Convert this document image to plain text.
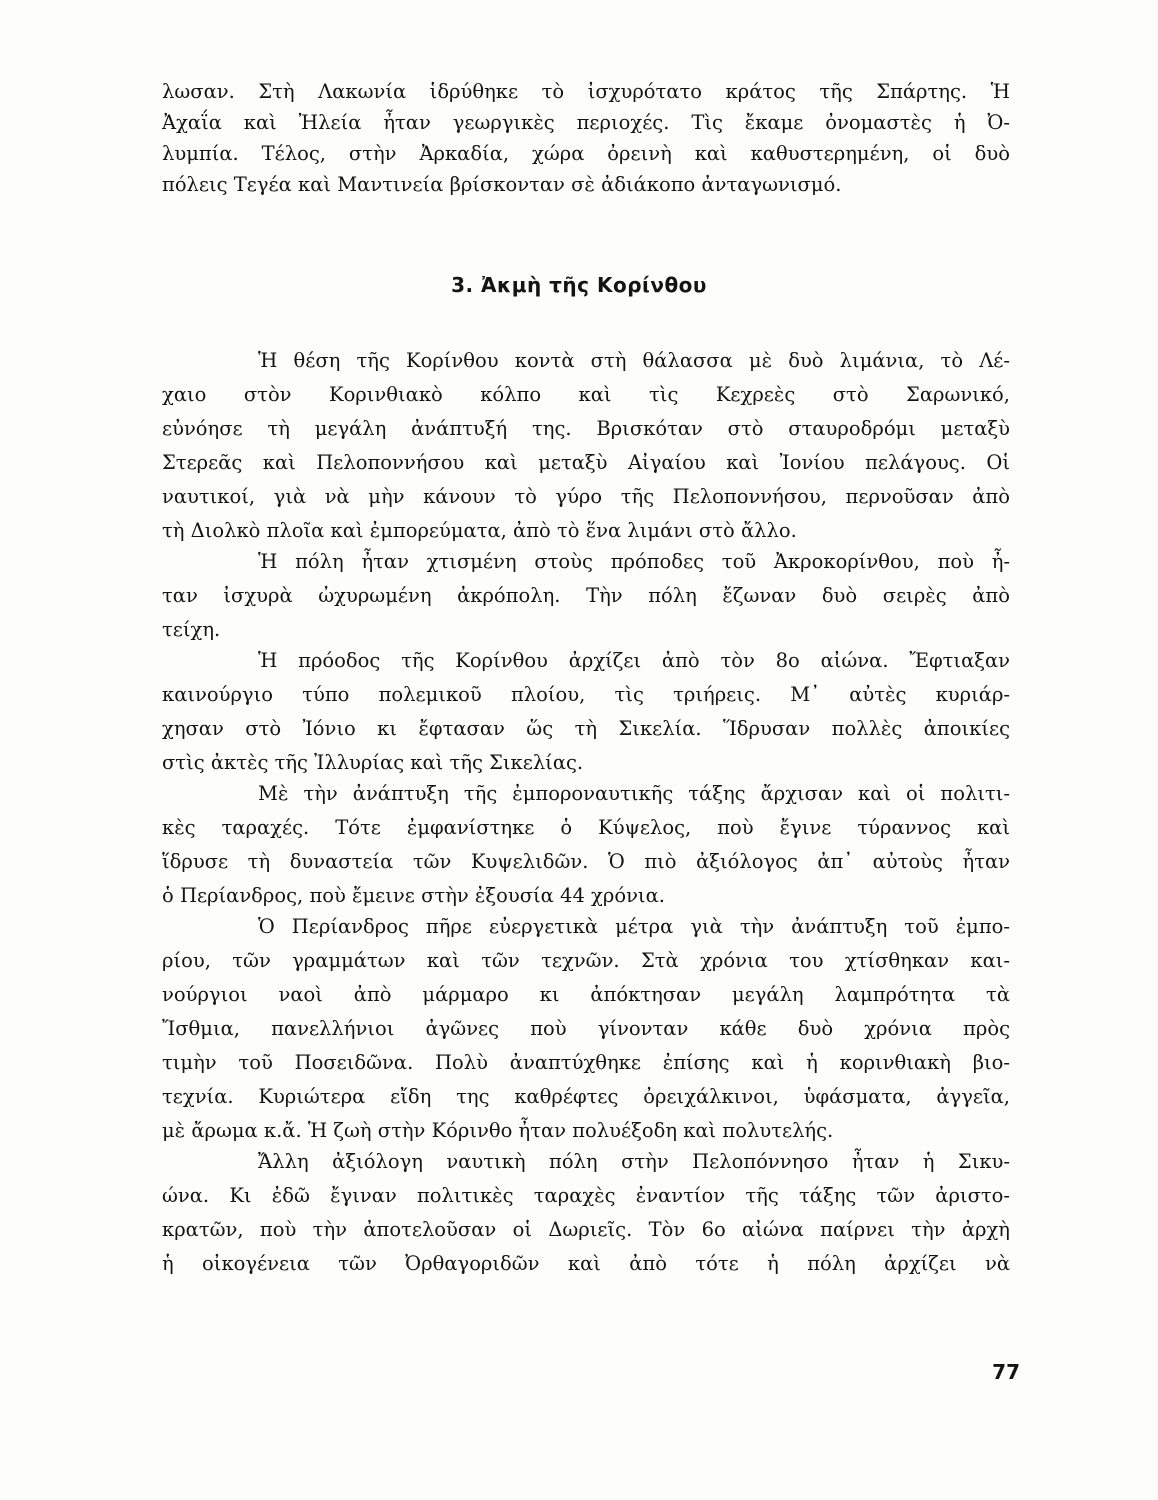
λωσαν. Στὴ Λακωνία ἱδρύθηκε τὸ ἰσχυρότατο κράτος τῆς Σπάρτης. Ἡ

Ἀχαΐα καὶ Ἠλεία ἦταν γεωργικὲς περιοχές. Τὶς ἔκαμε ὀνομαστὲς ἡ Ὀ-

λυμπία. Τέλος, στὴν Ἀρκαδία, χώρα ὀρεινὴ καὶ καθυστερημένη, οἱ δυὸ

πόλεις Τεγέα καὶ Μαντινεία βρίσκονταν σὲ ἀδιάκοπο ἀνταγωνισμό.

3. Ἀκμὴ τῆς Κορίνθου

Ἡ θέση τῆς Κορίνθου κοντὰ στὴ θάλασσα μὲ δυὸ λιμάνια, τὸ Λέ-

χαιο στὸν Κορινθιακὸ κόλπο καὶ τὶς Κεχρεὲς στὸ Σαρωνικό,

εὐνόησε τὴ μεγάλη ἀνάπτυξή της. Βρισκόταν στὸ σταυροδρόμι μεταξὺ

Στερεᾶς καὶ Πελοποννήσου καὶ μεταξὺ Αἰγαίου καὶ Ἰονίου πελάγους. Οἱ

ναυτικοί, γιὰ νὰ μὴν κάνουν τὸ γύρο τῆς Πελοποννήσου, περνοῦσαν ἀπὸ

τὴ Διολκὸ πλοῖα καὶ ἐμπορεύματα, ἀπὸ τὸ ἕνα λιμάνι στὸ ἄλλο.

Ἡ πόλη ἦταν χτισμένη στοὺς πρόποδες τοῦ Ἀκροκορίνθου, ποὺ ἦ-

ταν ἰσχυρὰ ὠχυρωμένη ἀκρόπολη. Τὴν πόλη ἔζωναν δυὸ σειρὲς ἀπὸ

τείχη.

Ἡ πρόοδος τῆς Κορίνθου ἀρχίζει ἀπὸ τὸν 8ο αἰώνα. Ἔφτιαξαν

καινούργιο τύπο πολεμικοῦ πλοίου, τὶς τριήρεις. Μ᾿ αὐτὲς κυριάρ-

χησαν στὸ Ἰόνιο κι ἔφτασαν ὥς τὴ Σικελία. Ἵδρυσαν πολλὲς ἀποικίες

στὶς ἀκτὲς τῆς Ἰλλυρίας καὶ τῆς Σικελίας.

Μὲ τὴν ἀνάπτυξη τῆς ἐμποροναυτικῆς τάξης ἄρχισαν καὶ οἱ πολιτι-

κὲς ταραχές. Τότε ἐμφανίστηκε ὁ Κύψελος, ποὺ ἔγινε τύραννος καὶ

ἵδρυσε τὴ δυναστεία τῶν Κυψελιδῶν. Ὁ πιὸ ἀξιόλογος ἀπ᾿ αὐτοὺς ἦταν

ὁ Περίανδρος, ποὺ ἔμεινε στὴν ἐξουσία 44 χρόνια.

Ὁ Περίανδρος πῆρε εὐεργετικὰ μέτρα γιὰ τὴν ἀνάπτυξη τοῦ ἐμπο-

ρίου, τῶν γραμμάτων καὶ τῶν τεχνῶν. Στὰ χρόνια του χτίσθηκαν και-

νούργιοι ναοὶ ἀπὸ μάρμαρο κι ἀπόκτησαν μεγάλη λαμπρότητα τὰ

Ἴσθμια, πανελλήνιοι ἀγῶνες ποὺ γίνονταν κάθε δυὸ χρόνια πρὸς

τιμὴν τοῦ Ποσειδῶνα. Πολὺ ἀναπτύχθηκε ἐπίσης καὶ ἡ κορινθιακὴ βιο-

τεχνία. Κυριώτερα εἴδη της καθρέφτες ὀρειχάλκινοι, ὑφάσματα, ἀγγεῖα,

μὲ ἄρωμα κ.ἄ. Ἡ ζωὴ στὴν Κόρινθο ἦταν πολυέξοδη καὶ πολυτελής.

Ἄλλη ἀξιόλογη ναυτικὴ πόλη στὴν Πελοπόννησο ἦταν ἡ Σικυ-

ώνα. Κι ἐδῶ ἔγιναν πολιτικὲς ταραχὲς ἐναντίον τῆς τάξης τῶν ἀριστο-

κρατῶν, ποὺ τὴν ἀποτελοῦσαν οἱ Δωριεῖς. Τὸν 6ο αἰώνα παίρνει τὴν ἀρχὴ

ἡ οἰκογένεια τῶν Ὀρθαγοριδῶν καὶ ἀπὸ τότε ἡ πόλη ἀρχίζει νὰ

77
